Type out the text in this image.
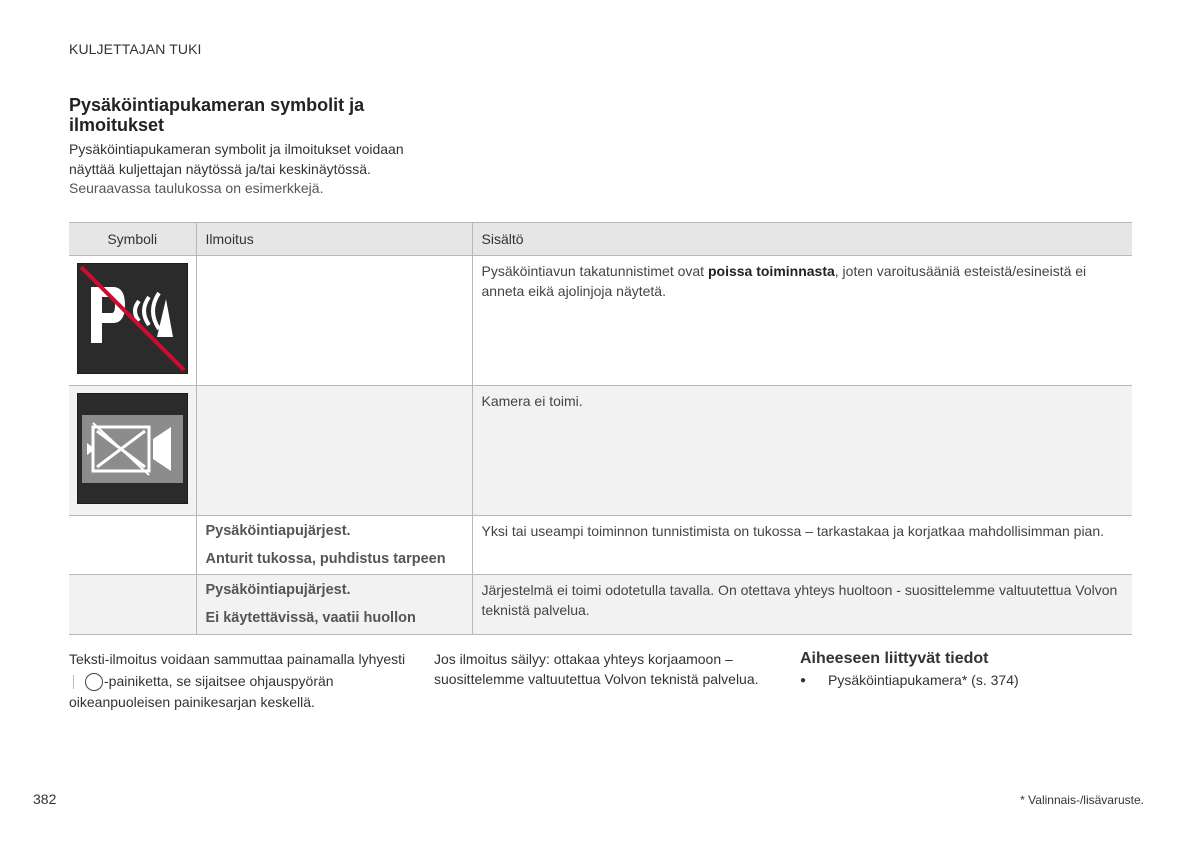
KULJETTAJAN TUKI
Pysäköintiapukameran symbolit ja ilmoitukset

Pysäköintiapukameran symbolit ja ilmoitukset voidaan näyttää kuljettajan näytössä ja/tai keskinäytössä.

Seuraavassa taulukossa on esimerkkejä.

Symboli	Ilmoitus	Sisältö
		Pysäköintiavun takatunnistimet ovat poissa toiminnasta, joten varoitusääniä esteistä/esineistä ei anneta eikä ajolinjoja näytetä.
		Kamera ei toimi.

	Pysäköintiapujärjest.
Anturit tukossa, puhdistus tarpeen	Yksi tai useampi toiminnon tunnistimista on tukossa – tarkastakaa ja korjatkaa mahdollisimman pian.

	Pysäköintiapujärjest.
Ei käytettävissä, vaatii huollon	Järjestelmä ei toimi odotetulla tavalla. On otettava yhteys huoltoon - suosittelemme valtuutettua Volvon teknistä palvelua.
Teksti-ilmoitus voidaan sammuttaa painamalla lyhyesti-painiketta, se sijaitsee ohjauspyörän oikeanpuoleisen painikesarjan keskellä.
Jos ilmoitus säilyy: ottakaa yhteys korjaamoon – suosittelemme valtuutettua Volvon teknistä palvelua.
Aiheeseen liittyvät tiedot
● Pysäköintiapukamera* (s. 374)
382	* Valinnais-/lisävaruste.
